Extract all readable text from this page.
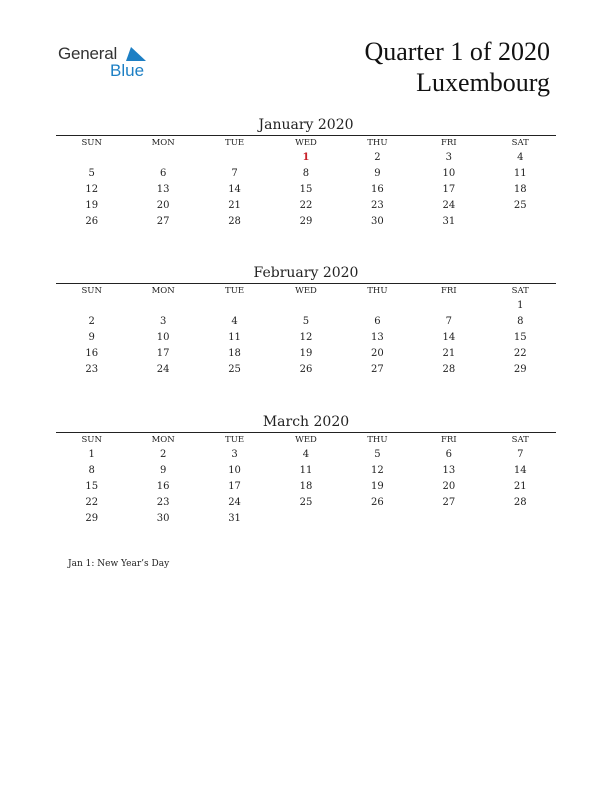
General
Blue
Quarter 1 of 2020
Luxembourg
January 2020
SUN	MON	TUE	WED	THU	FRI	SAT
			1	2	3	4
5	6	7	8	9	10	11
12	13	14	15	16	17	18
19	20	21	22	23	24	25
26	27	28	29	30	31	
February 2020
SUN	MON	TUE	WED	THU	FRI	SAT
						1
2	3	4	5	6	7	8
9	10	11	12	13	14	15
16	17	18	19	20	21	22
23	24	25	26	27	28	29
March 2020
SUN	MON	TUE	WED	THU	FRI	SAT
1	2	3	4	5	6	7
8	9	10	11	12	13	14
15	16	17	18	19	20	21
22	23	24	25	26	27	28
29	30	31				
Jan 1: New Year’s Day
